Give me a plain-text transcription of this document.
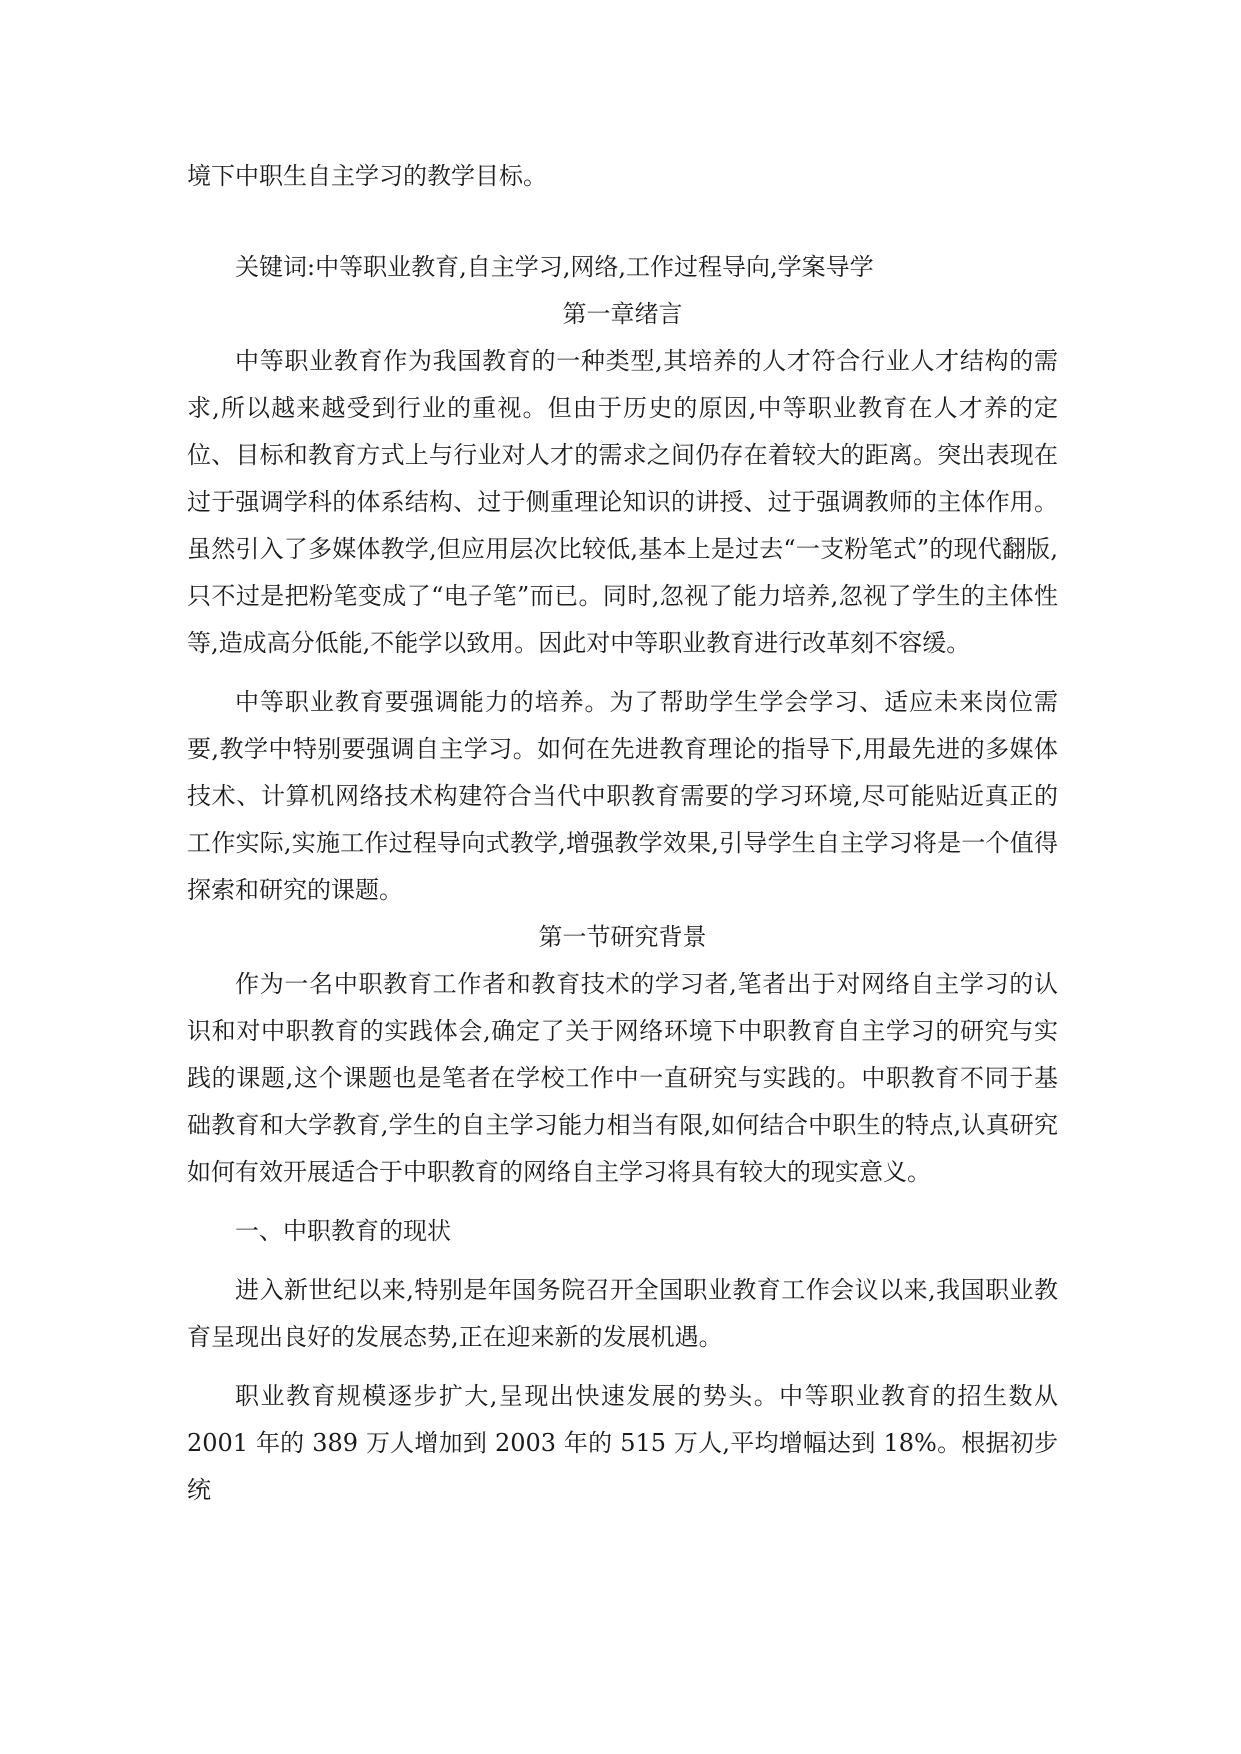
境下中职生自主学习的教学目标。

关键词:中等职业教育,自主学习,网络,工作过程导向,学案导学

第一章绪言

中等职业教育作为我国教育的一种类型,其培养的人才符合行业人才结构的需求,所以越来越受到行业的重视。但由于历史的原因,中等职业教育在人才养的定位、目标和教育方式上与行业对人才的需求之间仍存在着较大的距离。突出表现在过于强调学科的体系结构、过于侧重理论知识的讲授、过于强调教师的主体作用。虽然引入了多媒体教学,但应用层次比较低,基本上是过去“一支粉笔式”的现代翻版,只不过是把粉笔变成了“电子笔”而已。同时,忽视了能力培养,忽视了学生的主体性等,造成高分低能,不能学以致用。因此对中等职业教育进行改革刻不容缓。

中等职业教育要强调能力的培养。为了帮助学生学会学习、适应未来岗位需要,教学中特别要强调自主学习。如何在先进教育理论的指导下,用最先进的多媒体技术、计算机网络技术构建符合当代中职教育需要的学习环境,尽可能贴近真正的工作实际,实施工作过程导向式教学,增强教学效果,引导学生自主学习将是一个值得探索和研究的课题。

第一节研究背景

作为一名中职教育工作者和教育技术的学习者,笔者出于对网络自主学习的认识和对中职教育的实践体会,确定了关于网络环境下中职教育自主学习的研究与实践的课题,这个课题也是笔者在学校工作中一直研究与实践的。中职教育不同于基础教育和大学教育,学生的自主学习能力相当有限,如何结合中职生的特点,认真研究如何有效开展适合于中职教育的网络自主学习将具有较大的现实意义。

一、中职教育的现状

进入新世纪以来,特别是年国务院召开全国职业教育工作会议以来,我国职业教育呈现出良好的发展态势,正在迎来新的发展机遇。

职业教育规模逐步扩大,呈现出快速发展的势头。中等职业教育的招生数从2001 年的 389 万人增加到 2003 年的 515 万人,平均增幅达到 18%。根据初步统
